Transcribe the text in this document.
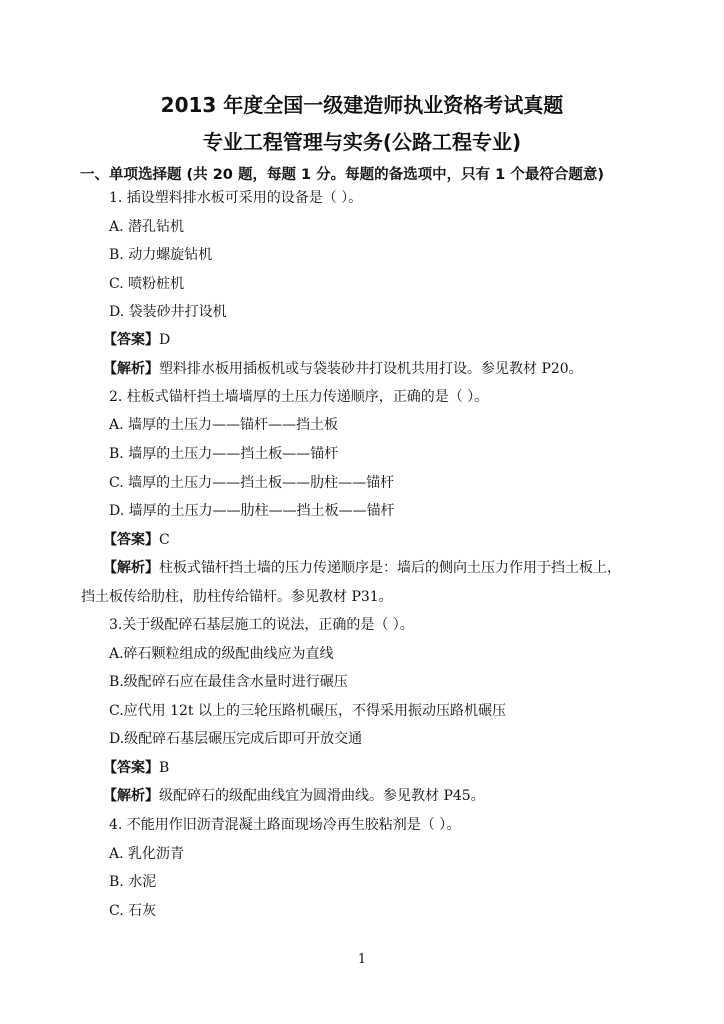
2013 年度全国一级建造师执业资格考试真题
专业工程管理与实务(公路工程专业)
一、单项选择题 (共 20 题，每题 1 分。每题的备选项中，只有 1 个最符合题意)
1. 插设塑料排水板可采用的设备是（ ）。
A. 潜孔钻机
B. 动力螺旋钻机
C. 喷粉桩机
D. 袋装砂井打设机
【答案】D
【解析】塑料排水板用插板机或与袋装砂井打设机共用打设。参见教材 P20。
2. 柱板式锚杆挡土墙墙厚的土压力传递顺序，正确的是（ ）。
A. 墙厚的土压力——锚杆——挡土板
B. 墙厚的土压力——挡土板——锚杆
C. 墙厚的土压力——挡土板——肋柱——锚杆
D. 墙厚的土压力——肋柱——挡土板——锚杆
【答案】C
【解析】柱板式锚杆挡土墙的压力传递顺序是：墙后的侧向土压力作用于挡土板上，
挡土板传给肋柱，肋柱传给锚杆。参见教材 P31。
3.关于级配碎石基层施工的说法，正确的是（ ）。
A.碎石颗粒组成的级配曲线应为直线
B.级配碎石应在最佳含水量时进行碾压
C.应代用 12t 以上的三轮压路机碾压，不得采用振动压路机碾压
D.级配碎石基层碾压完成后即可开放交通
【答案】B
【解析】级配碎石的级配曲线宜为圆滑曲线。参见教材 P45。
4. 不能用作旧沥青混凝土路面现场冷再生胶粘剂是（ ）。
A. 乳化沥青
B. 水泥
C. 石灰
1
